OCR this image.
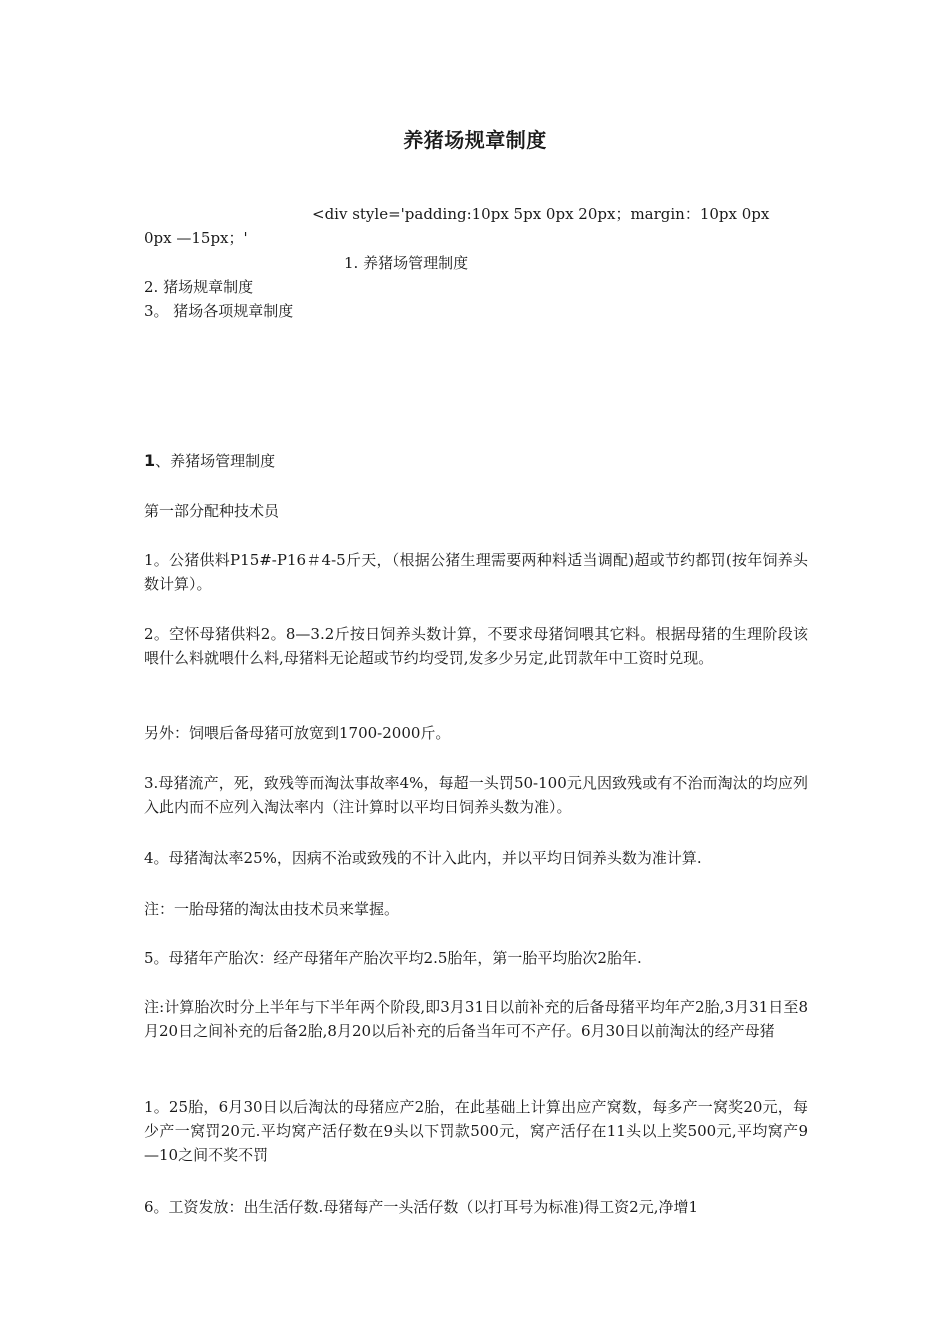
养猪场规章制度
<div style='padding:10px 5px 0px 20px；margin：10px 0px
0px —15px；'
1. 养猪场管理制度
2. 猪场规章制度
3。 猪场各项规章制度
1、养猪场管理制度
第一部分配种技术员
1。公猪供料P15#-P16＃4-5斤天，（根据公猪生理需要两种料适当调配)超或节约都罚(按年饲养头数计算）。
2。空怀母猪供料2。8—3.2斤按日饲养头数计算，不要求母猪饲喂其它料。根据母猪的生理阶段该喂什么料就喂什么料,母猪料无论超或节约均受罚,发多少另定,此罚款年中工资时兑现。
另外：饲喂后备母猪可放宽到1700-2000斤。
3.母猪流产，死，致残等而淘汰事故率4%，每超一头罚50-100元凡因致残或有不治而淘汰的均应列入此内而不应列入淘汰率内（注计算时以平均日饲养头数为准）。
4。母猪淘汰率25%，因病不治或致残的不计入此内，并以平均日饲养头数为准计算.
注：一胎母猪的淘汰由技术员来掌握。
5。母猪年产胎次：经产母猪年产胎次平均2.5胎年，第一胎平均胎次2胎年.
注:计算胎次时分上半年与下半年两个阶段,即3月31日以前补充的后备母猪平均年产2胎,3月31日至8月20日之间补充的后备2胎,8月20以后补充的后备当年可不产仔。6月30日以前淘汰的经产母猪
1。25胎，6月30日以后淘汰的母猪应产2胎，在此基础上计算出应产窝数，每多产一窝奖20元，每少产一窝罚20元.平均窝产活仔数在9头以下罚款500元，窝产活仔在11头以上奖500元,平均窝产9—10之间不奖不罚
6。工资发放：出生活仔数.母猪每产一头活仔数（以打耳号为标准)得工资2元,净增1
